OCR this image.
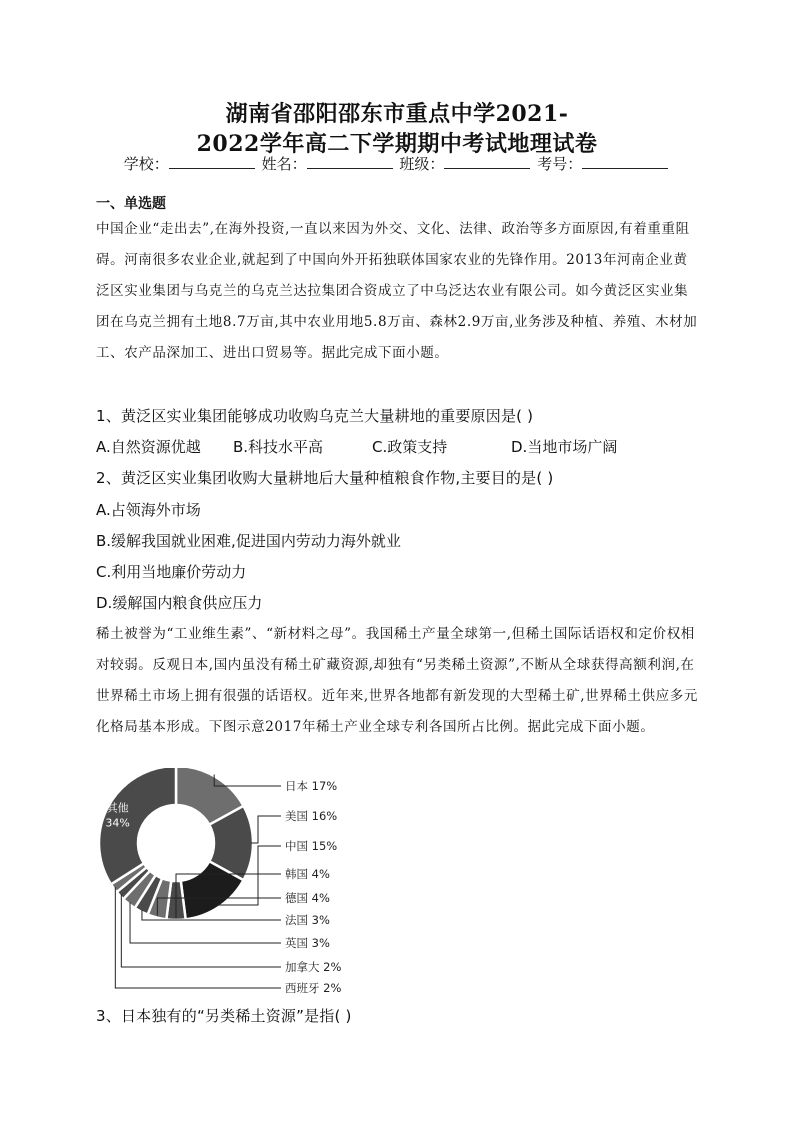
湖南省邵阳邵东市重点中学2021-
2022学年高二下学期期中考试地理试卷
学校：	姓名：	班级：	考号：
一、单选题
中国企业“走出去”,在海外投资,一直以来因为外交、文化、法律、政治等多方面原因,有着重重阻碍。河南很多农业企业,就起到了中国向外开拓独联体国家农业的先锋作用。2013年河南企业黄泛区实业集团与乌克兰的乌克兰达拉集团合资成立了中乌泛达农业有限公司。如今黄泛区实业集团在乌克兰拥有土地8.7万亩,其中农业用地5.8万亩、森林2.9万亩,业务涉及种植、养殖、木材加工、农产品深加工、进出口贸易等。据此完成下面小题。
1、黄泛区实业集团能够成功收购乌克兰大量耕地的重要原因是( )
A.自然资源优越 B.科技水平高	C.政策支持	D.当地市场广阔
2、黄泛区实业集团收购大量耕地后大量种植粮食作物,主要目的是( )
A.占领海外市场
B.缓解我国就业困难,促进国内劳动力海外就业
C.利用当地廉价劳动力
D.缓解国内粮食供应压力
稀土被誉为“工业维生素”、“新材料之母”。我国稀土产量全球第一,但稀土国际话语权和定价权相对较弱。反观日本,国内虽没有稀土矿藏资源,却独有“另类稀土资源”,不断从全球获得高额利润,在世界稀土市场上拥有很强的话语权。近年来,世界各地都有新发现的大型稀土矿,世界稀土供应多元化格局基本形成。下图示意2017年稀土产业全球专利各国所占比例。据此完成下面小题。
日本 17%
美国 16%
中国 15%
韩国 4%
德国 4%
法国 3%
英国 3%
加拿大 2%
西班牙 2%
其他
34%
3、日本独有的“另类稀土资源”是指( )
